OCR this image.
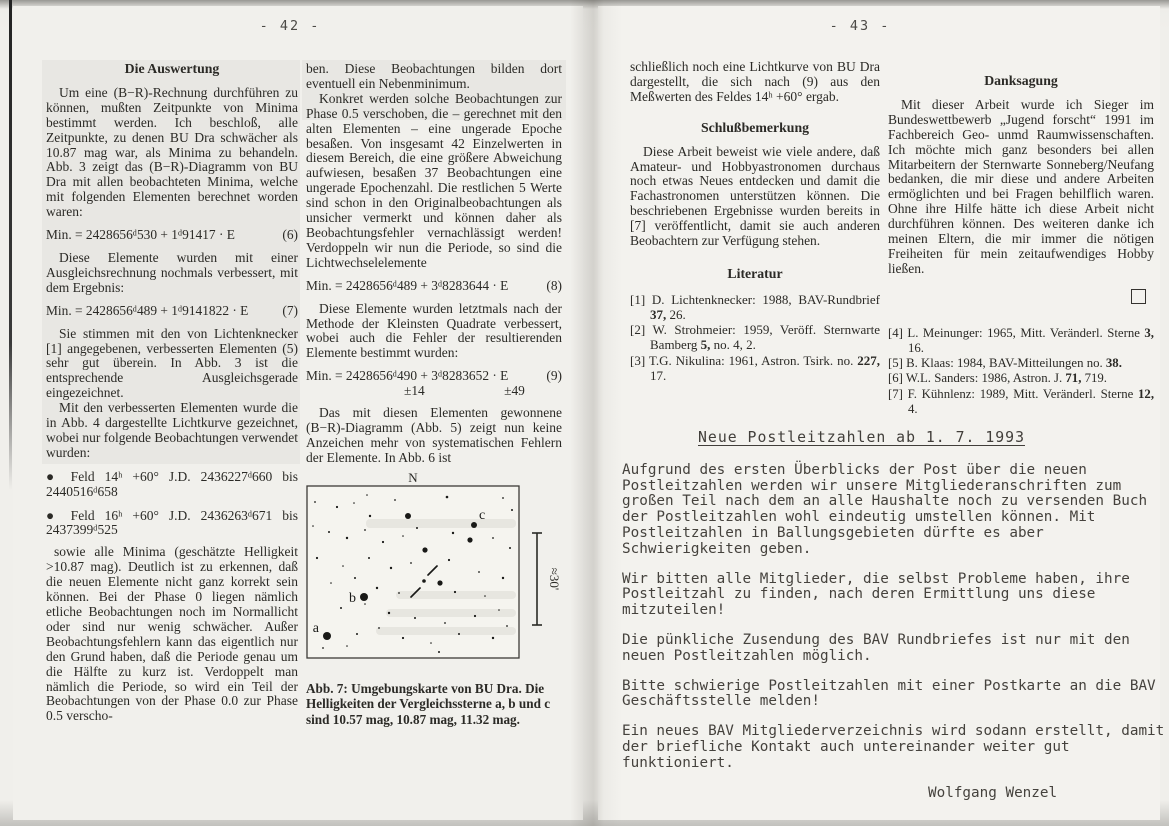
- 42 -	- 43 -
Die Auswertung

Um eine (B−R)-Rechnung durchführen zu können, mußten Zeitpunkte von Minima bestimmt werden. Ich beschloß, alle Zeitpunkte, zu denen BU Dra schwächer als 10.87 mag war, als Minima zu behandeln. Abb. 3 zeigt das (B−R)-Diagramm von BU Dra mit allen beobachteten Minima, welche mit folgenden Elementen berechnet worden waren:

Min. = 2428656ᵈ530 + 1ᵈ91417 · E	(6)

Diese Elemente wurden mit einer Ausgleichsrechnung nochmals verbessert, mit dem Ergebnis:

Min. = 2428656ᵈ489 + 1ᵈ9141822 · E	(7)

Sie stimmen mit den von Lichtenknecker [1] angegebenen, verbesserten Elementen (5) sehr gut überein. In Abb. 3 ist die entsprechende Ausgleichsgerade eingezeichnet.

Mit den verbesserten Elementen wurde die in Abb. 4 dargestellte Lichtkurve gezeichnet, wobei nur folgende Beobachtungen verwendet wurden:

● Feld 14ʰ +60° J.D. 2436227ᵈ660 bis 2440516ᵈ658

● Feld 16ʰ +60° J.D. 2436263ᵈ671 bis 2437399ᵈ525

sowie alle Minima (geschätzte Helligkeit >10.87 mag). Deutlich ist zu erkennen, daß die neuen Elemente nicht ganz korrekt sein können. Bei der Phase 0 liegen nämlich etliche Beobachtungen noch im Normallicht oder sind nur wenig schwächer. Außer Beobachtungsfehlern kann das eigentlich nur den Grund haben, daß die Periode genau um die Hälfte zu kurz ist. Verdoppelt man nämlich die Periode, so wird ein Teil der Beobachtungen von der Phase 0.0 zur Phase 0.5 verscho-

ben. Diese Beobachtungen bilden dort eventuell ein Nebenminimum.

Konkret werden solche Beobachtungen zur Phase 0.5 verschoben, die – gerechnet mit den alten Elementen – eine ungerade Epoche besaßen. Von insgesamt 42 Einzelwerten in diesem Bereich, die eine größere Abweichung aufwiesen, besaßen 37 Beobachtungen eine ungerade Epochenzahl. Die restlichen 5 Werte sind schon in den Originalbeobachtungen als unsicher vermerkt und können daher als Beobachtungsfehler vernachlässigt werden! Verdoppeln wir nun die Periode, so sind die Lichtwechselelemente

Min. = 2428656ᵈ489 + 3ᵈ8283644 · E	(8)

Diese Elemente wurden letztmals nach der Methode der Kleinsten Quadrate verbessert, wobei auch die Fehler der resultierenden Elemente bestimmt wurden:

Min. = 2428656ᵈ490 + 3ᵈ8283652 · E	(9)
±14	±49

Das mit diesen Elementen gewonnene (B−R)-Diagramm (Abb. 5) zeigt nun keine Anzeichen mehr von systematischen Fehlern der Elemente. In Abb. 6 ist

N
a
b
c
≈30'
Abb. 7: Umgebungskarte von BU Dra. Die Helligkeiten der Vergleichssterne a, b und c sind 10.57 mag, 10.87 mag, 11.32 mag.

schließlich noch eine Lichtkurve von BU Dra dargestellt, die sich nach (9) aus den Meßwerten des Feldes 14ʰ +60° ergab.

Schlußbemerkung

Diese Arbeit beweist wie viele andere, daß Amateur- und Hobbyastronomen durchaus noch etwas Neues entdecken und damit die Fachastronomen unterstützen können. Die beschriebenen Ergebnisse wurden bereits in [7] veröffentlicht, damit sie auch anderen Beobachtern zur Verfügung stehen.

Literatur
[1] D. Lichtenknecker: 1988, BAV-Rundbrief 37, 26.
[2] W. Strohmeier: 1959, Veröff. Sternwarte Bamberg 5, no. 4, 2.
[3] T.G. Nikulina: 1961, Astron. Tsirk. no. 227, 17.
Danksagung

Mit dieser Arbeit wurde ich Sieger im Bundeswettbewerb „Jugend forscht“ 1991 im Fachbereich Geo- unmd Raumwissenschaften. Ich möchte mich ganz besonders bei allen Mitarbeitern der Sternwarte Sonneberg/Neufang bedanken, die mir diese und andere Arbeiten ermöglichten und bei Fragen behilflich waren. Ohne ihre Hilfe hätte ich diese Arbeit nicht durchführen können. Des weiteren danke ich meinen Eltern, die mir immer die nötigen Freiheiten für mein zeitaufwendiges Hobby ließen.

[4] L. Meinunger: 1965, Mitt. Veränderl. Sterne 3, 16.
[5] B. Klaas: 1984, BAV-Mitteilungen no. 38.
[6] W.L. Sanders: 1986, Astron. J. 71, 719.
[7] F. Kühnlenz: 1989, Mitt. Veränderl. Sterne 12, 4.
Neue Postleitzahlen ab 1. 7. 1993

Aufgrund des ersten Überblicks der Post über die neuen Postleitzahlen werden wir unsere Mitgliederanschriften zum großen Teil nach dem an alle Haushalte noch zu versenden Buch der Postleitzahlen wohl eindeutig umstellen können. Mit Postleitzahlen in Ballungsgebieten dürfte es aber Schwierigkeiten geben.

Wir bitten alle Mitglieder, die selbst Probleme haben, ihre Postleitzahl zu finden, nach deren Ermittlung uns diese mitzuteilen!

Die pünkliche Zusendung des BAV Rundbriefes ist nur mit den neuen Postleitzahlen möglich.

Bitte schwierige Postleitzahlen mit einer Postkarte an die BAV Geschäftsstelle melden!

Ein neues BAV Mitgliederverzeichnis wird sodann erstellt, damit der briefliche Kontakt auch untereinander weiter gut funktioniert.

Wolfgang Wenzel
